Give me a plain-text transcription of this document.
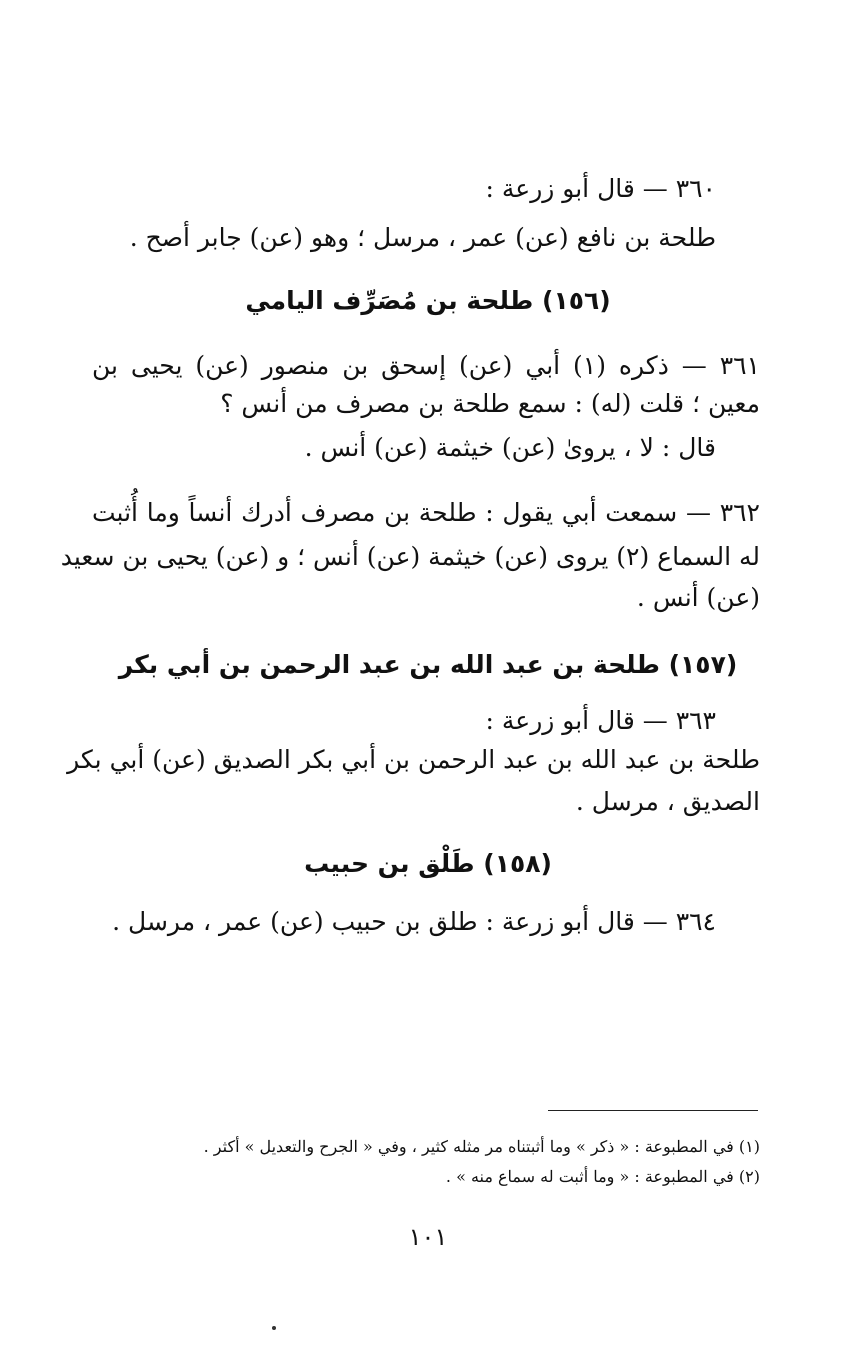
٣٦٠ — قال أبو زرعة :
طلحة بن نافع (عن) عمر ، مرسل ؛ وهو (عن) جابر أصح .
(١٥٦) طلحة بن مُصَرِّف اليامي
٣٦١ — ذكره (١) أبي (عن) إسحق بن منصور (عن) يحيى بن
معين ؛ قلت (له) : سمع طلحة بن مصرف من أنس ؟
قال : لا ، يروىٰ (عن) خيثمة (عن) أنس .
٣٦٢ — سمعت أبي يقول : طلحة بن مصرف أدرك أنساً وما أُثبت
له السماع (٢) يروى (عن) خيثمة (عن) أنس ؛ و (عن) يحيى بن سعيد
(عن) أنس .
(١٥٧) طلحة بن عبد الله بن عبد الرحمن بن أبي بكر
٣٦٣ — قال أبو زرعة :
طلحة بن عبد الله بن عبد الرحمن بن أبي بكر الصديق (عن) أبي بكر
الصديق ، مرسل .
(١٥٨) طَلْق بن حبيب
٣٦٤ — قال أبو زرعة : طلق بن حبيب (عن) عمر ، مرسل .
(١) في المطبوعة : « ذكر » وما أثبتناه مر مثله كثير ، وفي « الجرح والتعديل » أكثر .
(٢) في المطبوعة : « وما أثبت له سماع منه » .
١٠١
